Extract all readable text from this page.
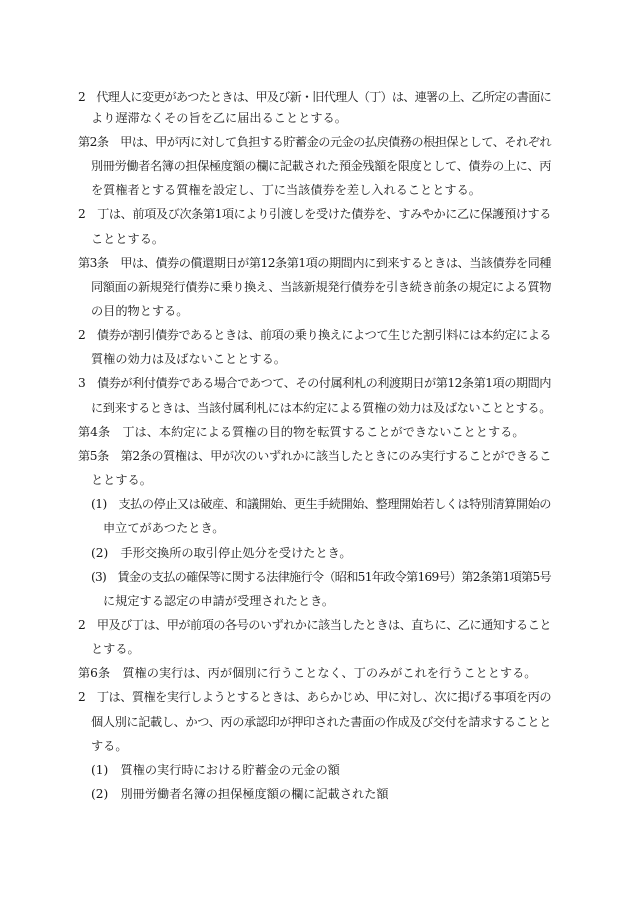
2　代理人に変更があつたときは、甲及び新・旧代理人（丁）は、連署の上、乙所定の書面に
より遅滞なくその旨を乙に届出ることとする。
第2条　甲は、甲が丙に対して負担する貯蓄金の元金の払戻債務の根担保として、それぞれ
別冊労働者名簿の担保極度額の欄に記載された預金残額を限度として、債券の上に、丙
を質権者とする質権を設定し、丁に当該債券を差し入れることとする。
2　丁は、前項及び次条第1項により引渡しを受けた債券を、すみやかに乙に保護預けする
こととする。
第3条　甲は、債券の償還期日が第12条第1項の期間内に到来するときは、当該債券を同種
同額面の新規発行債券に乗り換え、当該新規発行債券を引き続き前条の規定による質物
の目的物とする。
2　債券が割引債券であるときは、前項の乗り換えによつて生じた割引料には本約定による
質権の効力は及ばないこととする。
3　債券が利付債券である場合であつて、その付属利札の利渡期日が第12条第1項の期間内
に到来するときは、当該付属利札には本約定による質権の効力は及ばないこととする。
第4条　丁は、本約定による質権の目的物を転質することができないこととする。
第5条　第2条の質権は、甲が次のいずれかに該当したときにのみ実行することができるこ
ととする。
(1)　支払の停止又は破産、和議開始、更生手続開始、整理開始若しくは特別清算開始の
申立てがあつたとき。
(2)　手形交換所の取引停止処分を受けたとき。
(3)　賃金の支払の確保等に関する法律施行令（昭和51年政令第169号）第2条第1項第5号
に規定する認定の申請が受理されたとき。
2　甲及び丁は、甲が前項の各号のいずれかに該当したときは、直ちに、乙に通知すること
とする。
第6条　質権の実行は、丙が個別に行うことなく、丁のみがこれを行うこととする。
2　丁は、質権を実行しようとするときは、あらかじめ、甲に対し、次に掲げる事項を丙の
個人別に記載し、かつ、丙の承認印が押印された書面の作成及び交付を請求することと
する。
(1)　質権の実行時における貯蓄金の元金の額
(2)　別冊労働者名簿の担保極度額の欄に記載された額
